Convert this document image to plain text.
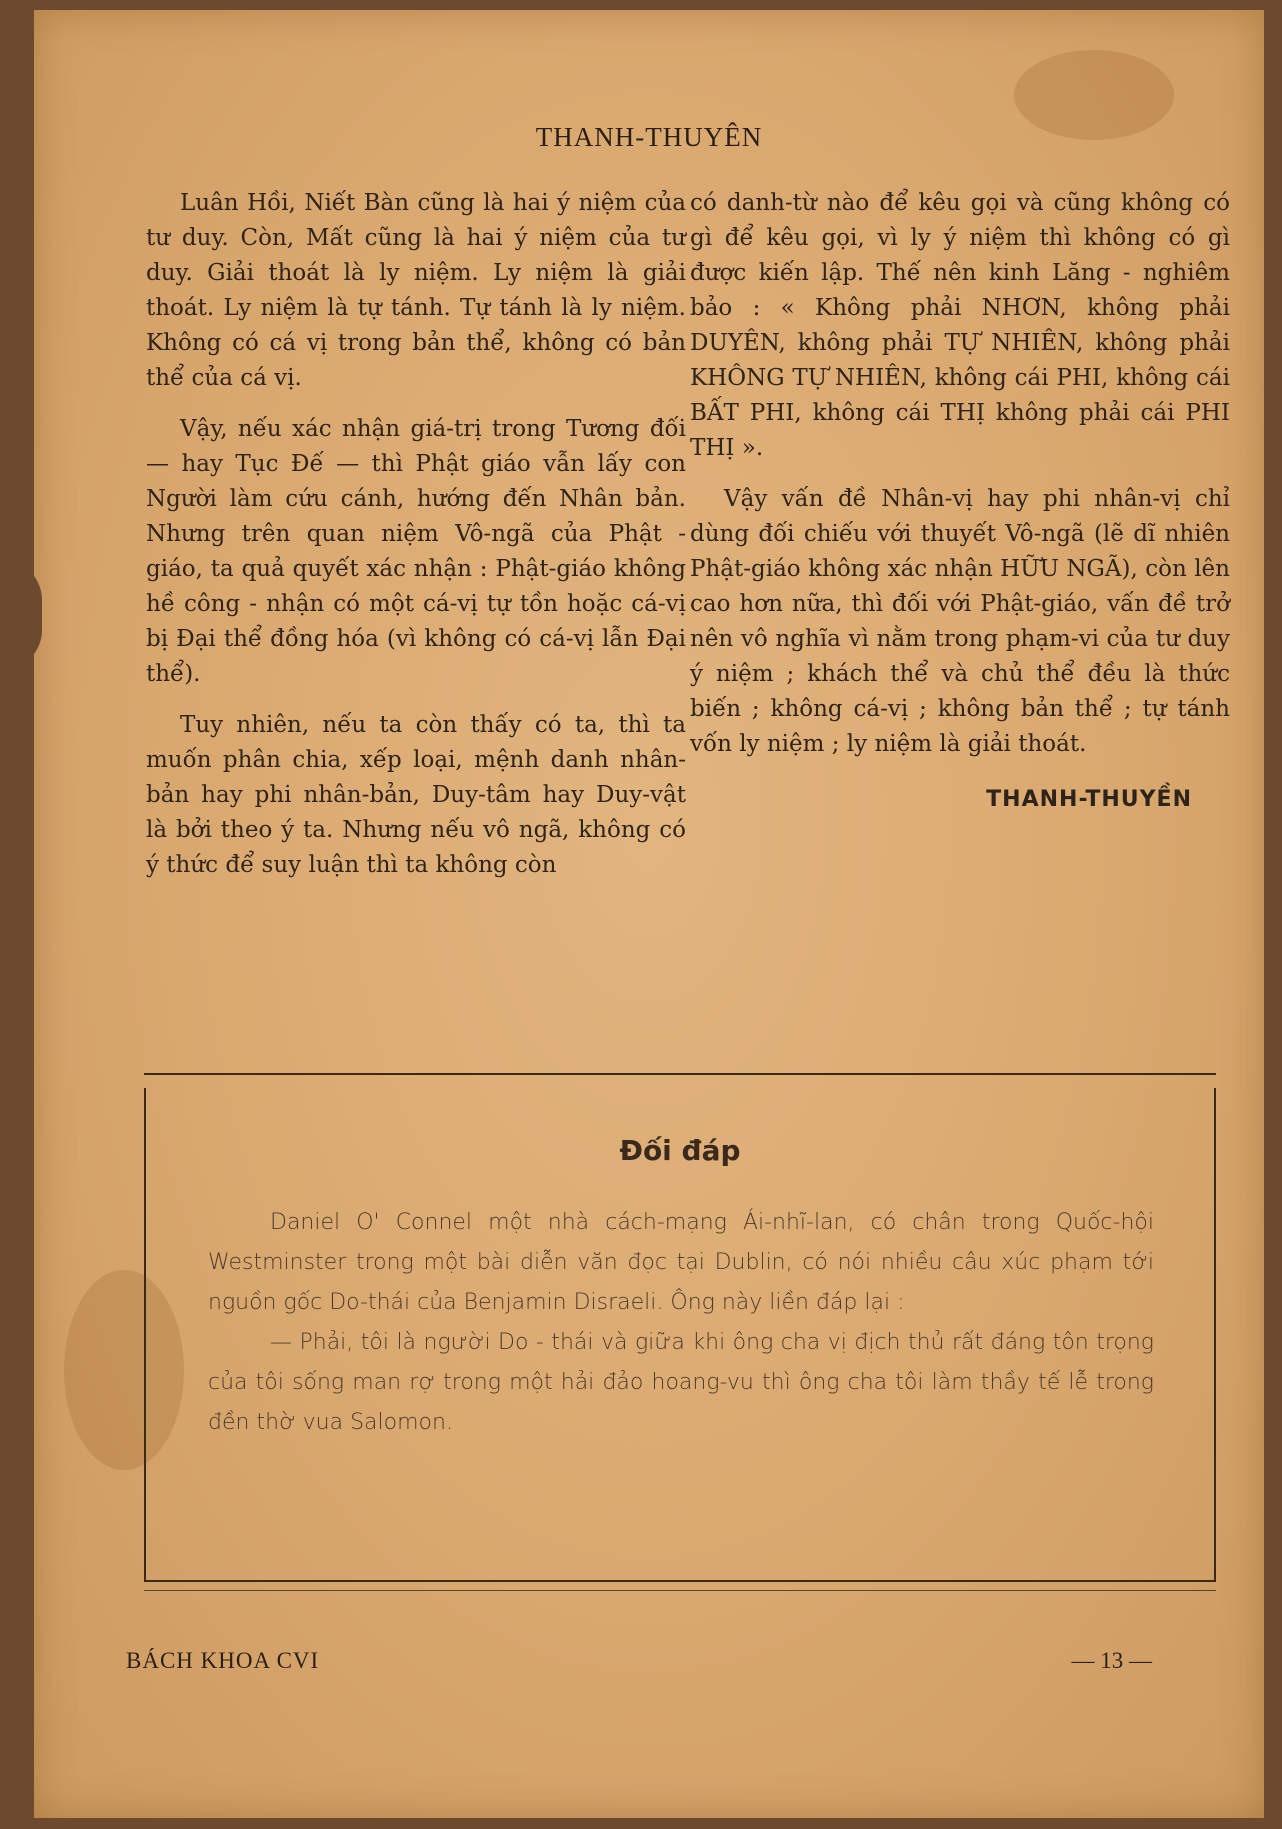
THANH-THUYÊN

Luân Hồi, Niết Bàn cũng là hai ý niệm của tư duy. Còn, Mất cũng là hai ý niệm của tư duy. Giải thoát là ly niệm. Ly niệm là giải thoát. Ly niệm là tự tánh. Tự tánh là ly niệm. Không có cá vị trong bản thể, không có bản thể của cá vị.

Vậy, nếu xác nhận giá-trị trong Tương đối — hay Tục Đế — thì Phật giáo vẫn lấy con Người làm cứu cánh, hướng đến Nhân bản. Nhưng trên quan niệm Vô-ngã của Phật - giáo, ta quả quyết xác nhận : Phật-giáo không hề công - nhận có một cá-vị tự tồn hoặc cá-vị bị Đại thể đồng hóa (vì không có cá-vị lẫn Đại thể).

Tuy nhiên, nếu ta còn thấy có ta, thì ta muốn phân chia, xếp loại, mệnh danh nhân-bản hay phi nhân-bản, Duy-tâm hay Duy-vật là bởi theo ý ta. Nhưng nếu vô ngã, không có ý thức để suy luận thì ta không còn

có danh-từ nào để kêu gọi và cũng không có gì để kêu gọi, vì ly ý niệm thì không có gì được kiến lập. Thế nên kinh Lăng - nghiêm bảo : « Không phải NHƠN, không phải DUYÊN, không phải TỰ NHIÊN, không phải KHÔNG TỰ NHIÊN, không cái PHI, không cái BẤT PHI, không cái THỊ không phải cái PHI THỊ ».

Vậy vấn đề Nhân-vị hay phi nhân-vị chỉ dùng đối chiếu với thuyết Vô-ngã (lẽ dĩ nhiên Phật-giáo không xác nhận HỮU NGÃ), còn lên cao hơn nữa, thì đối với Phật-giáo, vấn đề trở nên vô nghĩa vì nằm trong phạm-vi của tư duy ý niệm ; khách thể và chủ thể đều là thức biến ; không cá-vị ; không bản thể ; tự tánh vốn ly niệm ; ly niệm là giải thoát.

THANH-THUYỀN
Đối đáp

Daniel O' Connel một nhà cách-mạng Ái-nhĩ-lan, có chân trong Quốc-hội Westminster trong một bài diễn văn đọc tại Dublin, có nói nhiều câu xúc phạm tới nguồn gốc Do-thái của Benjamin Disraeli. Ông này liền đáp lại :

— Phải, tôi là người Do - thái và giữa khi ông cha vị địch thủ rất đáng tôn trọng của tôi sống man rợ trong một hải đảo hoang-vu thì ông cha tôi làm thầy tế lễ trong đền thờ vua Salomon.

BÁCH KHOA CVI	— 13 —
